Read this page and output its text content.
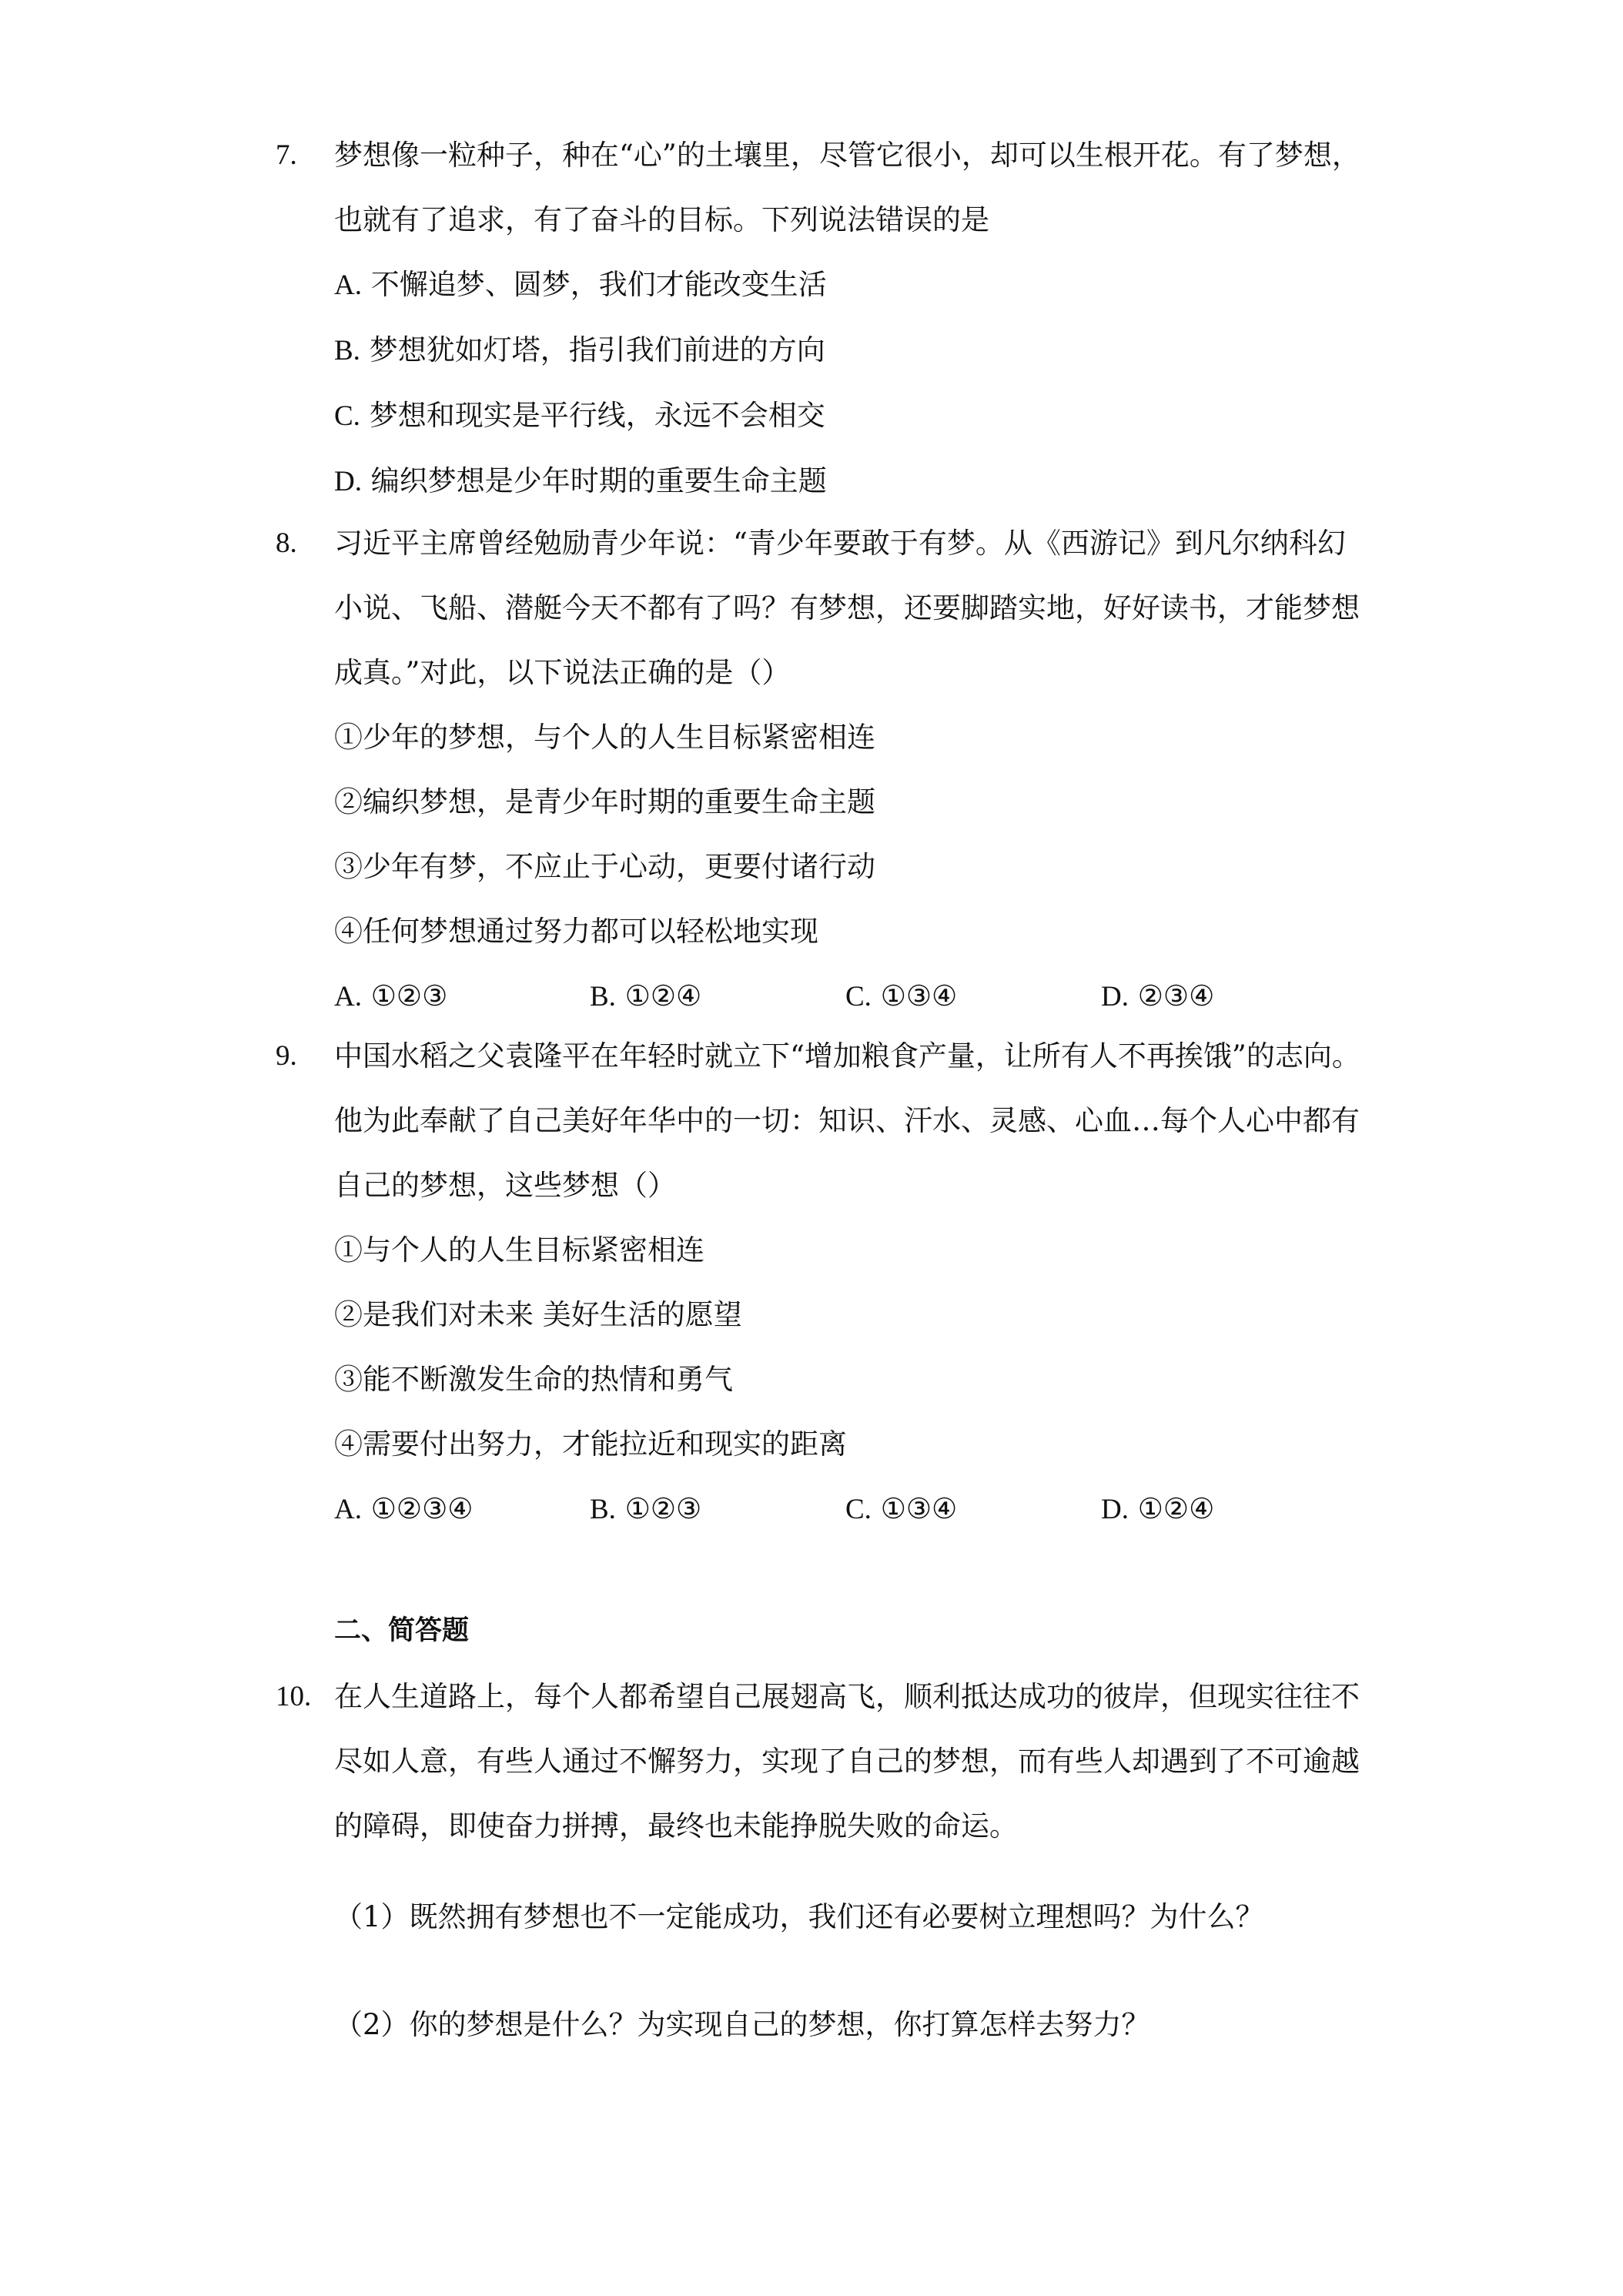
7.	梦想像一粒种子，种在“心”的土壤里，尽管它很小，却可以生根开花。有了梦想，
也就有了追求，有了奋斗的目标。下列说法错误的是
A. 不懈追梦、圆梦，我们才能改变生活
B. 梦想犹如灯塔，指引我们前进的方向
C. 梦想和现实是平行线，永远不会相交
D. 编织梦想是少年时期的重要生命主题
8.	习近平主席曾经勉励青少年说：“青少年要敢于有梦。从《西游记》到凡尔纳科幻
小说、飞船、潜艇今天不都有了吗？有梦想，还要脚踏实地，好好读书，才能梦想
成真。”对此，以下说法正确的是（）
①少年的梦想，与个人的人生目标紧密相连
②编织梦想，是青少年时期的重要生命主题
③少年有梦，不应止于心动，更要付诸行动
④任何梦想通过努力都可以轻松地实现
A. ①②③	B. ①②④	C. ①③④	D. ②③④
9.	中国水稻之父袁隆平在年轻时就立下“增加粮食产量，让所有人不再挨饿”的志向。
他为此奉献了自己美好年华中的一切：知识、汗水、灵感、心血…每个人心中都有
自己的梦想，这些梦想（）
①与个人的人生目标紧密相连
②是我们对未来 美好生活的愿望
③能不断激发生命的热情和勇气
④需要付出努力，才能拉近和现实的距离
A. ①②③④	B. ①②③	C. ①③④	D. ①②④
二、简答题
10. 在人生道路上，每个人都希望自己展翅高飞，顺利抵达成功的彼岸，但现实往往不
尽如人意，有些人通过不懈努力，实现了自己的梦想，而有些人却遇到了不可逾越
的障碍，即使奋力拼搏，最终也未能挣脱失败的命运。
（1）既然拥有梦想也不一定能成功，我们还有必要树立理想吗？为什么？
（2）你的梦想是什么？为实现自己的梦想，你打算怎样去努力？
